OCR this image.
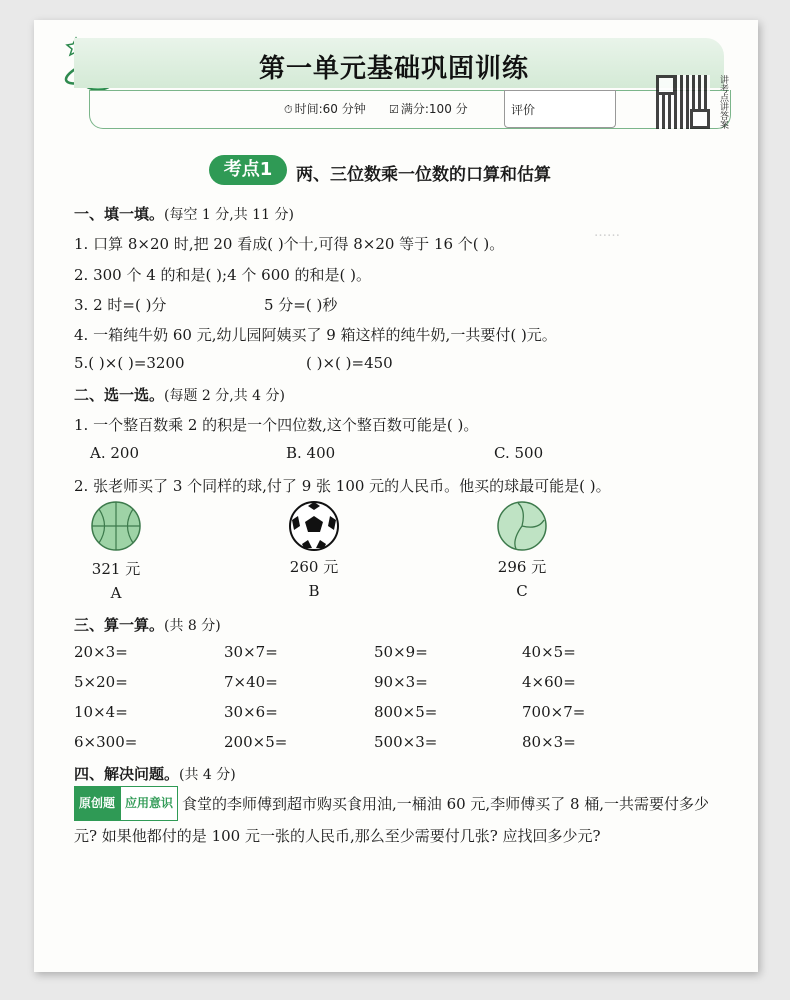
……
第一单元基础巩固训练
⏱ 时间:60 分钟 ☑ 满分:100 分	评价	讲考点讲答案
考点1	两、三位数乘一位数的口算和估算
一、填一填。(每空 1 分,共 11 分)
1. 口算 8×20 时,把 20 看成( )个十,可得 8×20 等于 16 个( )。
2. 300 个 4 的和是( );4 个 600 的和是( )。
3. 2 时=( )分	5 分=( )秒
4. 一箱纯牛奶 60 元,幼儿园阿姨买了 9 箱这样的纯牛奶,一共要付( )元。
5.( )×( )=3200	( )×( )=450
二、选一选。(每题 2 分,共 4 分)
1. 一个整百数乘 2 的积是一个四位数,这个整百数可能是( )。
A. 200	B. 400	C. 500
2. 张老师买了 3 个同样的球,付了 9 张 100 元的人民币。他买的球最可能是( )。
321 元	260 元	296 元
A	B	C
三、算一算。(共 8 分)
20×3=	30×7=	50×9=	40×5=
5×20=	7×40=	90×3=	4×60=
10×4=	30×6=	800×5=	700×7=
6×300=	200×5=	500×3=	80×3=
四、解决问题。(共 4 分)
原创题 应用意识 食堂的李师傅到超市购买食用油,一桶油 60 元,李师傅买了 8 桶,一共需要付多少元? 如果他都付的是 100 元一张的人民币,那么至少需要付几张? 应找回多少元?
